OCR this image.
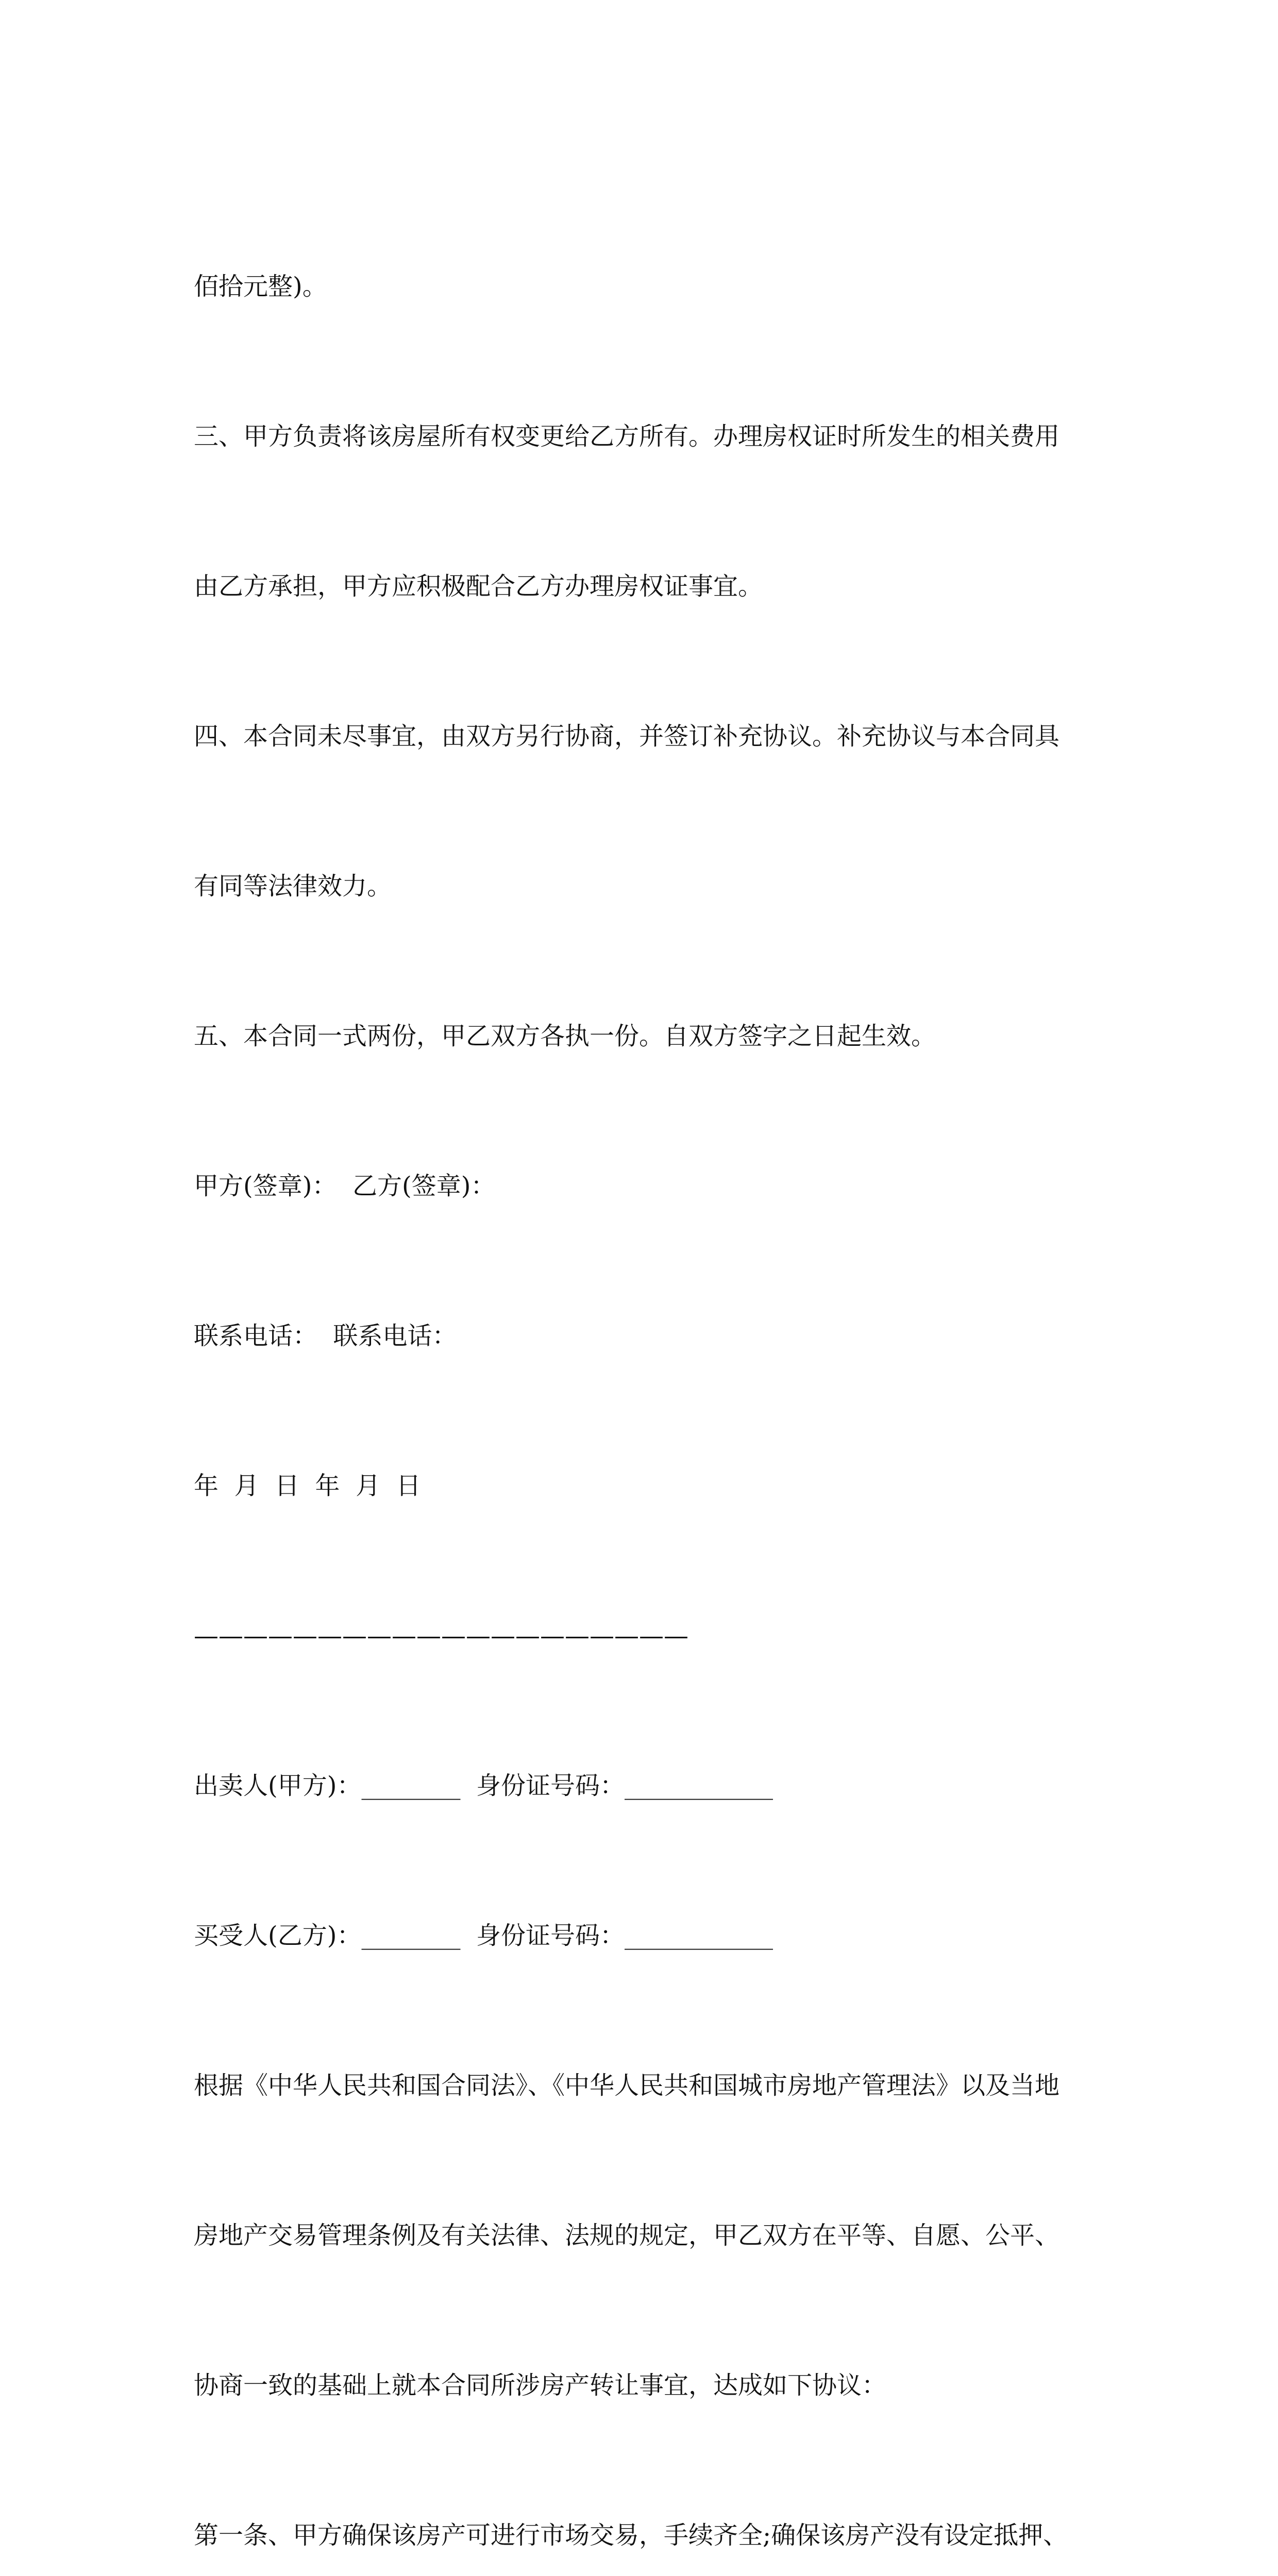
佰拾元整)。

三、甲方负责将该房屋所有权变更给乙方所有。办理房权证时所发生的相关费用

由乙方承担，甲方应积极配合乙方办理房权证事宜。

四、本合同未尽事宜，由双方另行协商，并签订补充协议。补充协议与本合同具

有同等法律效力。

五、本合同一式两份，甲乙双方各执一份。自双方签字之日起生效。

甲方(签章)：  乙方(签章)：

联系电话：  联系电话：

年  月  日  年  月  日

————————————————————

出卖人(甲方)：________  身份证号码：____________

买受人(乙方)：________  身份证号码：____________

根据《中华人民共和国合同法》、《中华人民共和国城市房地产管理法》以及当地

房地产交易管理条例及有关法律、法规的规定，甲乙双方在平等、自愿、公平、

协商一致的基础上就本合同所涉房产转让事宜，达成如下协议：

第一条、甲方确保该房产可进行市场交易，手续齐全;确保该房产没有设定抵押、
